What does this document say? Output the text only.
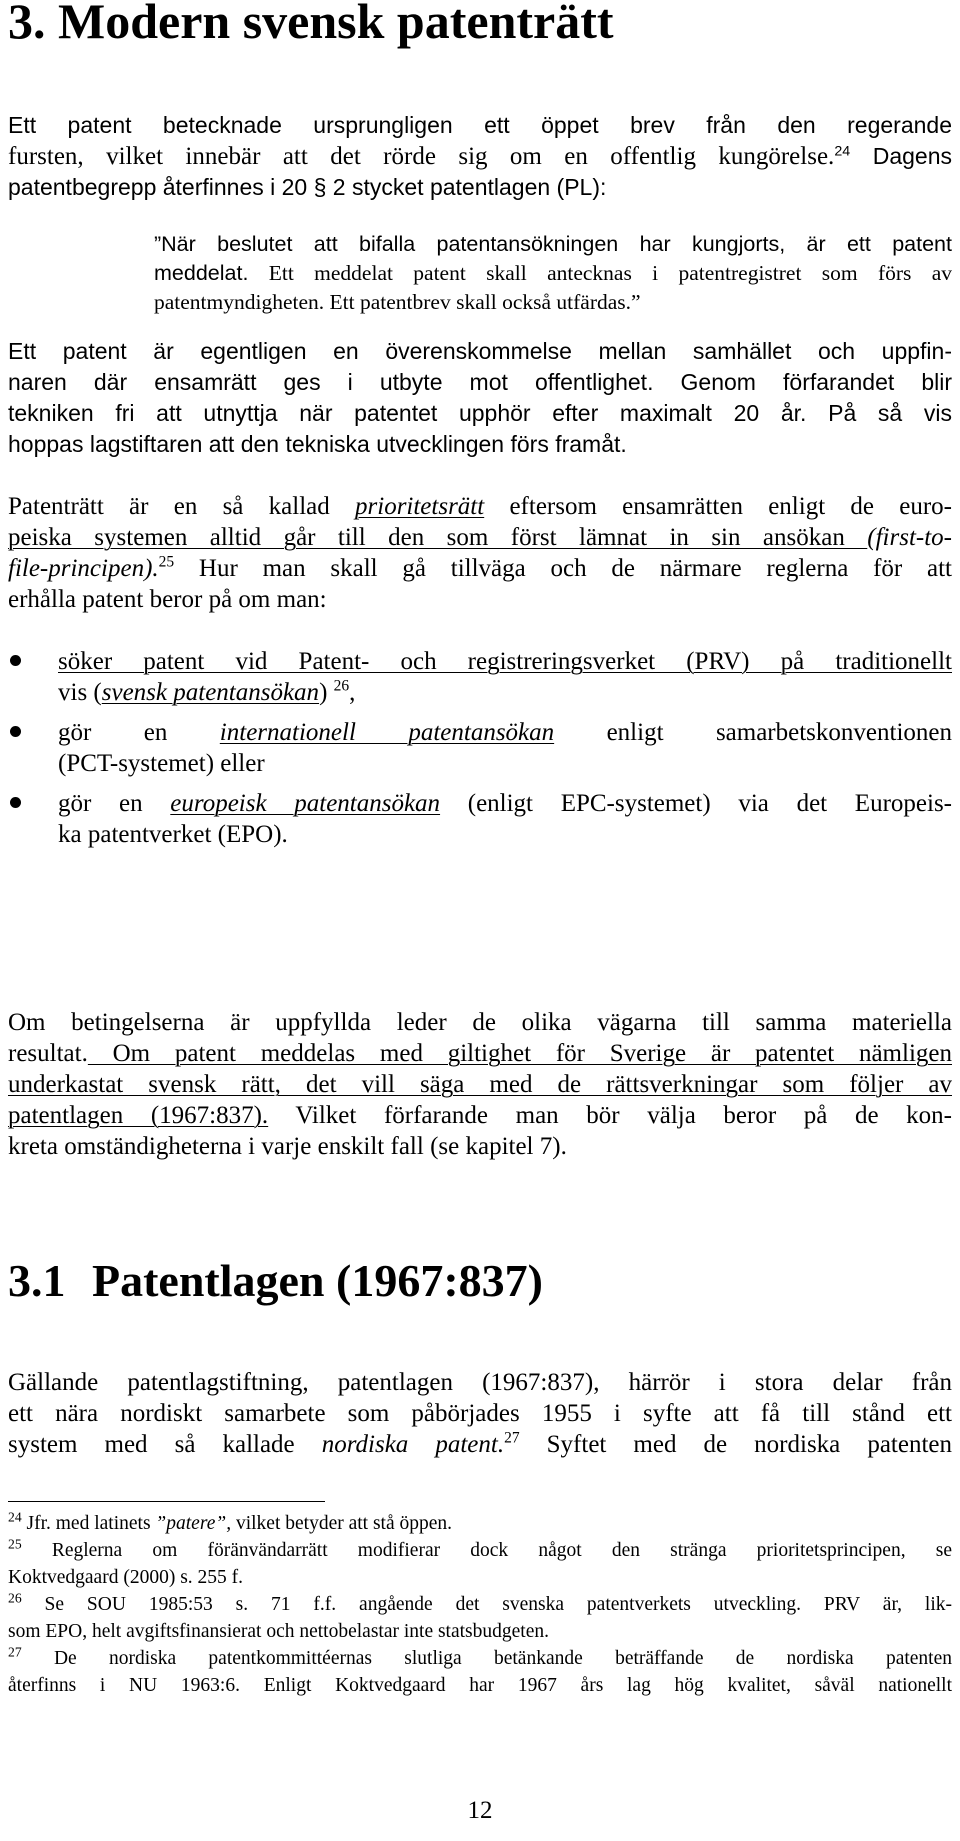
3. Modern svensk patenträtt
Ett patent betecknade ursprungligen ett öppet brev från den regerande
fursten, vilket innebär att det rörde sig om en offentlig kungörelse.$^{24}$ Dagens
patentbegrepp återfinnes i 20 § 2 stycket patentlagen (PL):
”När beslutet att bifalla patentansökningen har kungjorts, är ett patent
meddelat. Ett meddelat patent skall antecknas i patentregistret som förs av
patentmyndigheten. Ett patentbrev skall också utfärdas.”
Ett patent är egentligen en överenskommelse mellan samhället och uppfin-
naren där ensamrätt ges i utbyte mot offentlighet. Genom förfarandet blir
tekniken fri att utnyttja när patentet upphör efter maximalt 20 år. På så vis
hoppas lagstiftaren att den tekniska utvecklingen förs framåt.
Patenträtt är en så kallad prioritetsrätt eftersom ensamrätten enligt de euro-
peiska systemen alltid går till den som först lämnat in sin ansökan (first-to-
file-principen).$^{25}$ Hur man skall gå tillväga och de närmare reglerna för att
erhålla patent beror på om man:
söker patent vid Patent- och registreringsverket (PRV) på traditionellt
vis (svensk patentansökan) $^{26}$,
gör en internationell patentansökan enligt samarbetskonventionen
(PCT-systemet) eller
gör en europeisk patentansökan (enligt EPC-systemet) via det Europeis-
ka patentverket (EPO).
Om betingelserna är uppfyllda leder de olika vägarna till samma materiella
resultat. Om patent meddelas med giltighet för Sverige är patentet nämligen
underkastat svensk rätt, det vill säga med de rättsverkningar som följer av
patentlagen (1967:837). Vilket förfarande man bör välja beror på de kon-
kreta omständigheterna i varje enskilt fall (se kapitel 7).
3.1 Patentlagen (1967:837)
Gällande patentlagstiftning, patentlagen (1967:837), härrör i stora delar från
ett nära nordiskt samarbete som påbörjades 1955 i syfte att få till stånd ett
system med så kallade nordiska patent.$^{27}$ Syftet med de nordiska patenten
$^{24}$ Jfr. med latinets ”patere”, vilket betyder att stå öppen.
$^{25}$ Reglerna om föränvändarrätt modifierar dock något den stränga prioritetsprincipen, se
Koktvedgaard (2000) s. 255 f.
$^{26}$ Se SOU 1985:53 s. 71 f.f. angående det svenska patentverkets utveckling. PRV är, lik-
som EPO, helt avgiftsfinansierat och nettobelastar inte statsbudgeten.
$^{27}$ De nordiska patentkommittéernas slutliga betänkande beträffande de nordiska patenten
återfinns i NU 1963:6. Enligt Koktvedgaard har 1967 års lag hög kvalitet, såväl nationellt
12
